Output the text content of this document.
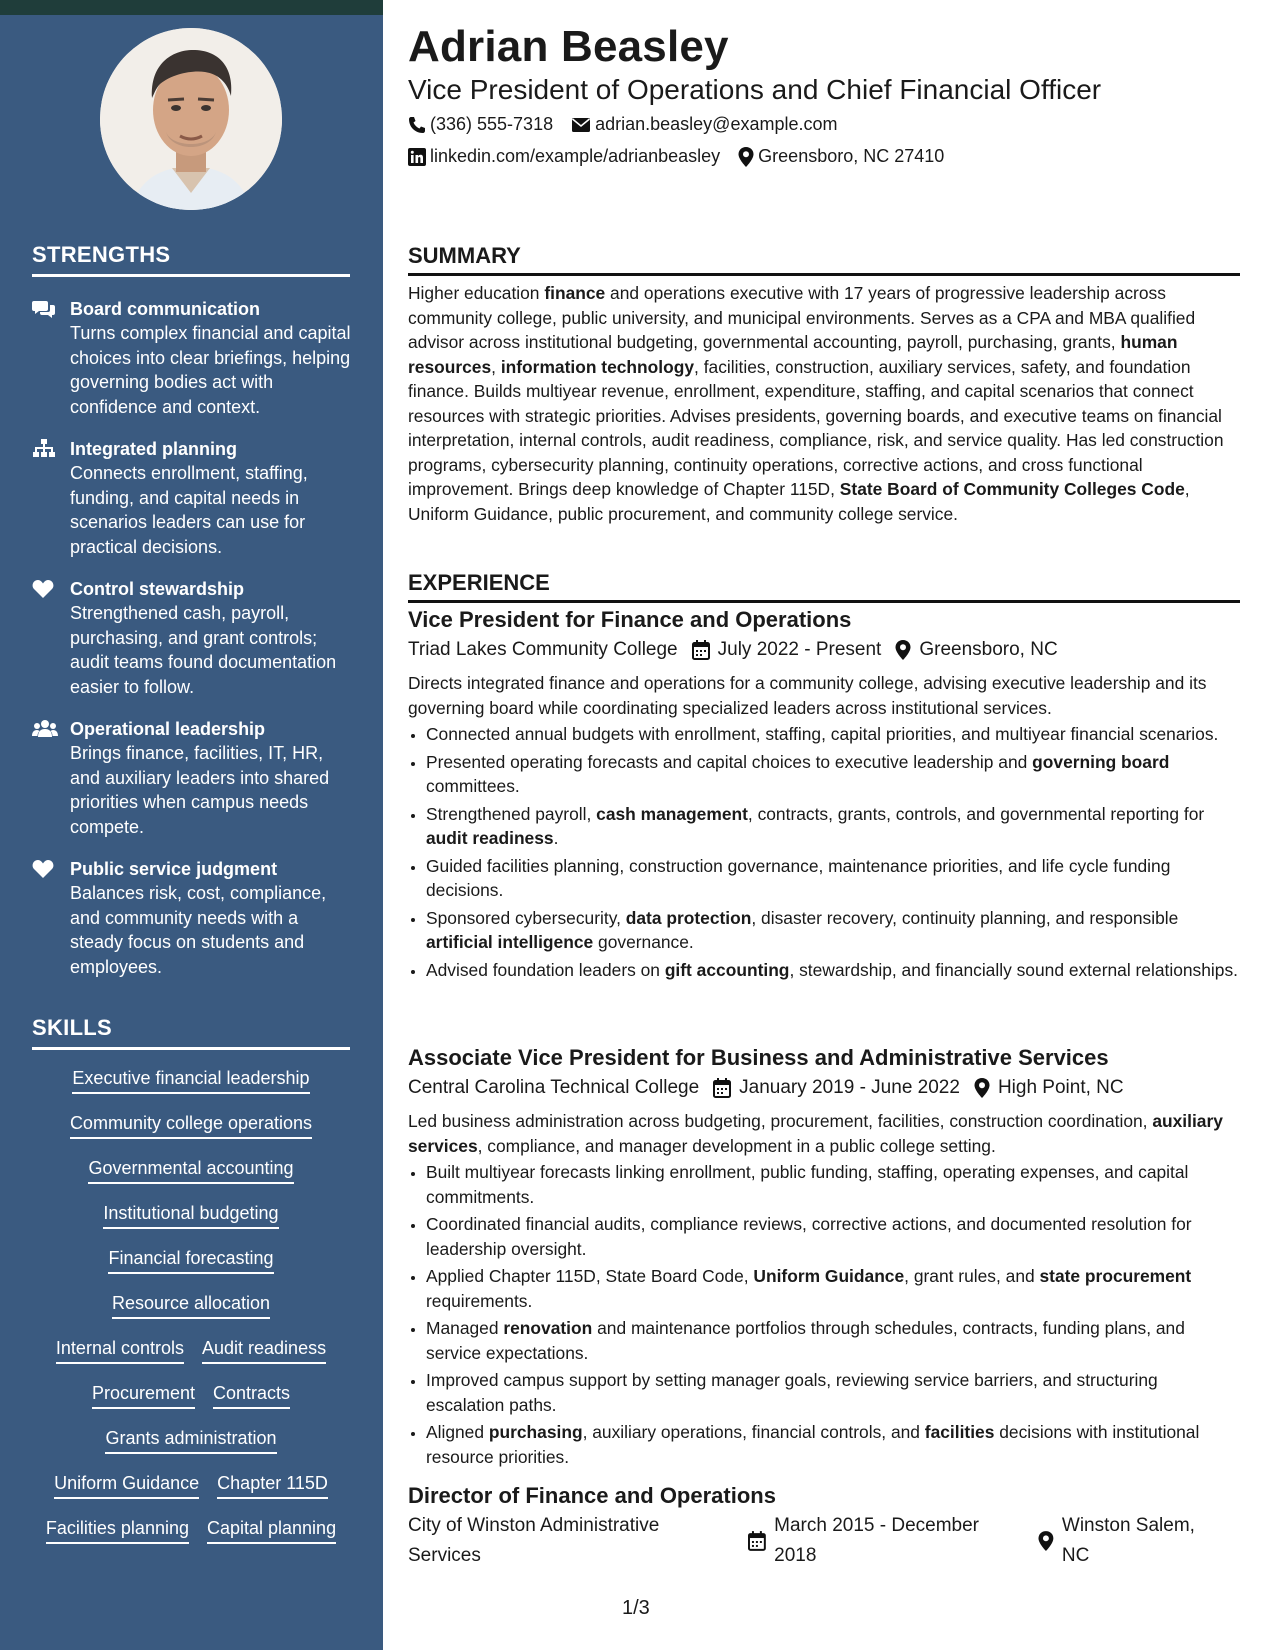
STRENGTHS
Board communication
Turns complex financial and capital choices into clear briefings, helping governing bodies act with confidence and context.
Integrated planning
Connects enrollment, staffing, funding, and capital needs in scenarios leaders can use for practical decisions.
Control stewardship
Strengthened cash, payroll, purchasing, and grant controls; audit teams found documentation easier to follow.
Operational leadership
Brings finance, facilities, IT, HR, and auxiliary leaders into shared priorities when campus needs compete.
Public service judgment
Balances risk, cost, compliance, and community needs with a steady focus on students and employees.
SKILLS
Executive financial leadership
Community college operations
Governmental accounting
Institutional budgeting
Financial forecasting
Resource allocation
Internal controls Audit readiness
Procurement Contracts
Grants administration
Uniform Guidance Chapter 115D
Facilities planning Capital planning
Adrian Beasley
Vice President of Operations and Chief Financial Officer
(336) 555-7318 adrian.beasley@example.com
linkedin.com/example/adrianbeasley Greensboro, NC 27410
SUMMARY
Higher education finance and operations executive with 17 years of progressive leadership across community college, public university, and municipal environments. Serves as a CPA and MBA qualified advisor across institutional budgeting, governmental accounting, payroll, purchasing, grants, human resources, information technology, facilities, construction, auxiliary services, safety, and foundation finance. Builds multiyear revenue, enrollment, expenditure, staffing, and capital scenarios that connect resources with strategic priorities. Advises presidents, governing boards, and executive teams on financial interpretation, internal controls, audit readiness, compliance, risk, and service quality. Has led construction programs, cybersecurity planning, continuity operations, corrective actions, and cross functional improvement. Brings deep knowledge of Chapter 115D, State Board of Community Colleges Code, Uniform Guidance, public procurement, and community college service.
EXPERIENCE
Vice President for Finance and Operations
Triad Lakes Community College July 2022 - Present Greensboro, NC
Directs integrated finance and operations for a community college, advising executive leadership and its governing board while coordinating specialized leaders across institutional services.
• Connected annual budgets with enrollment, staffing, capital priorities, and multiyear financial scenarios.
• Presented operating forecasts and capital choices to executive leadership and governing board committees.
• Strengthened payroll, cash management, contracts, grants, controls, and governmental reporting for audit readiness.
• Guided facilities planning, construction governance, maintenance priorities, and life cycle funding decisions.
• Sponsored cybersecurity, data protection, disaster recovery, continuity planning, and responsible artificial intelligence governance.
• Advised foundation leaders on gift accounting, stewardship, and financially sound external relationships.
Associate Vice President for Business and Administrative Services
Central Carolina Technical College January 2019 - June 2022 High Point, NC
Led business administration across budgeting, procurement, facilities, construction coordination, auxiliary services, compliance, and manager development in a public college setting.
• Built multiyear forecasts linking enrollment, public funding, staffing, operating expenses, and capital commitments.
• Coordinated financial audits, compliance reviews, corrective actions, and documented resolution for leadership oversight.
• Applied Chapter 115D, State Board Code, Uniform Guidance, grant rules, and state procurement requirements.
• Managed renovation and maintenance portfolios through schedules, contracts, funding plans, and service expectations.
• Improved campus support by setting manager goals, reviewing service barriers, and structuring escalation paths.
• Aligned purchasing, auxiliary operations, financial controls, and facilities decisions with institutional resource priorities.
Director of Finance and Operations
City of Winston Administrative Services
March 2015 - December 2018
Winston Salem, NC
1/3
